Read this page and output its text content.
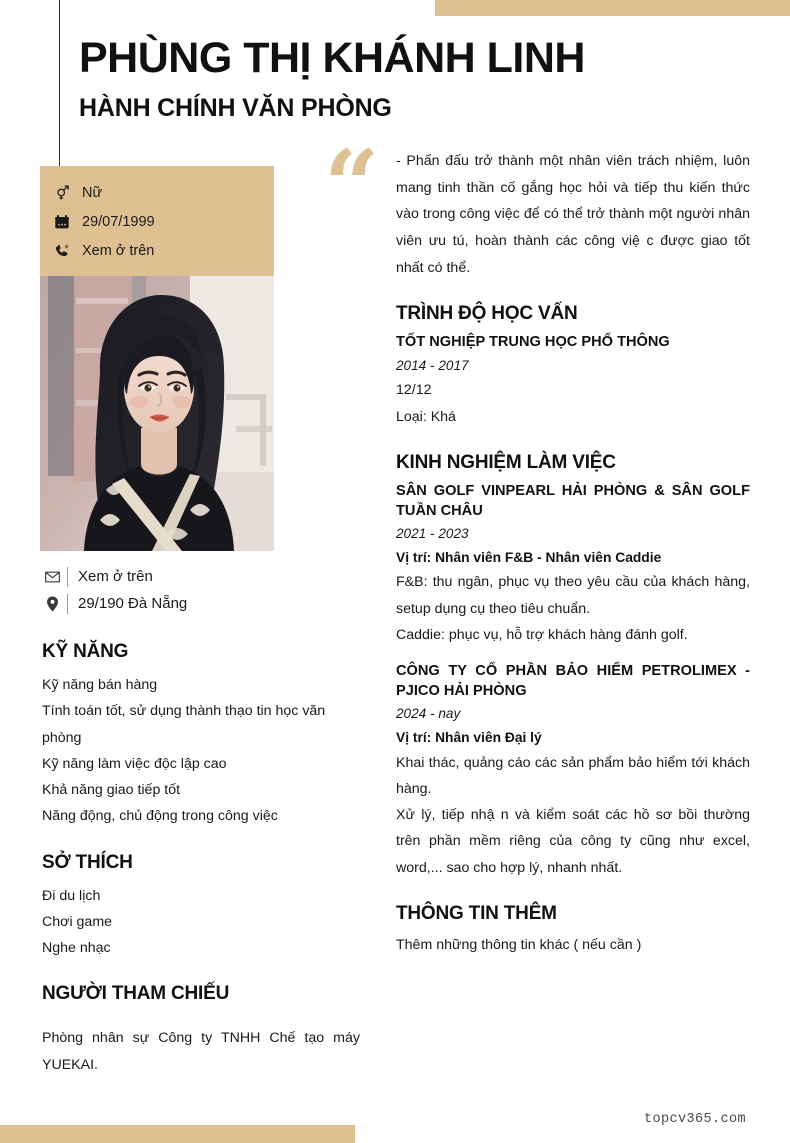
PHÙNG THỊ KHÁNH LINH
HÀNH CHÍNH VĂN PHÒNG
Nữ
29/07/1999
Xem ở trên
Xem ở trên
29/190 Đà Nẵng
KỸ NĂNG
Kỹ năng bán hàng
Tính toán tốt, sử dụng thành thạo tin học văn phòng
Kỹ năng làm việc độc lập cao
Khả năng giao tiếp tốt
Năng động, chủ động trong công việc
SỞ THÍCH
Đi du lịch
Chơi game
Nghe nhạc
NGƯỜI THAM CHIẾU
Phòng nhân sự Công ty TNHH Chế tạo máy YUEKAI.
“ - Phấn đấu trở thành một nhân viên trách nhiệm, luôn mang tinh thần cố gắng học hỏi và tiếp thu kiến thức vào trong công việc để có thể trở thành một người nhân viên ưu tú, hoàn thành các công việ c được giao tốt nhất có thể.
TRÌNH ĐỘ HỌC VẤN
TỐT NGHIỆP TRUNG HỌC PHỔ THÔNG
2014 - 2017
12/12
Loại: Khá
KINH NGHIỆM LÀM VIỆC
SÂN GOLF VINPEARL HẢI PHÒNG & SÂN GOLF TUẦN CHÂU
2021 - 2023
Vị trí: Nhân viên F&B - Nhân viên Caddie
F&B: thu ngân, phục vụ theo yêu cầu của khách hàng, setup dụng cụ theo tiêu chuẩn.
Caddie: phục vụ, hỗ trợ khách hàng đánh golf.
CÔNG TY CỔ PHẦN BẢO HIỂM PETROLIMEX - PJICO HẢI PHÒNG
2024 - nay
Vị trí: Nhân viên Đại lý
Khai thác, quảng cáo các sản phẩm bảo hiểm tới khách hàng.
Xử lý, tiếp nhậ n và kiểm soát các hồ sơ bồi thường trên phần mềm riêng của công ty cũng như excel, word,... sao cho hợp lý, nhanh nhất.
THÔNG TIN THÊM
Thêm những thông tin khác ( nếu cần )
topcv365.com
